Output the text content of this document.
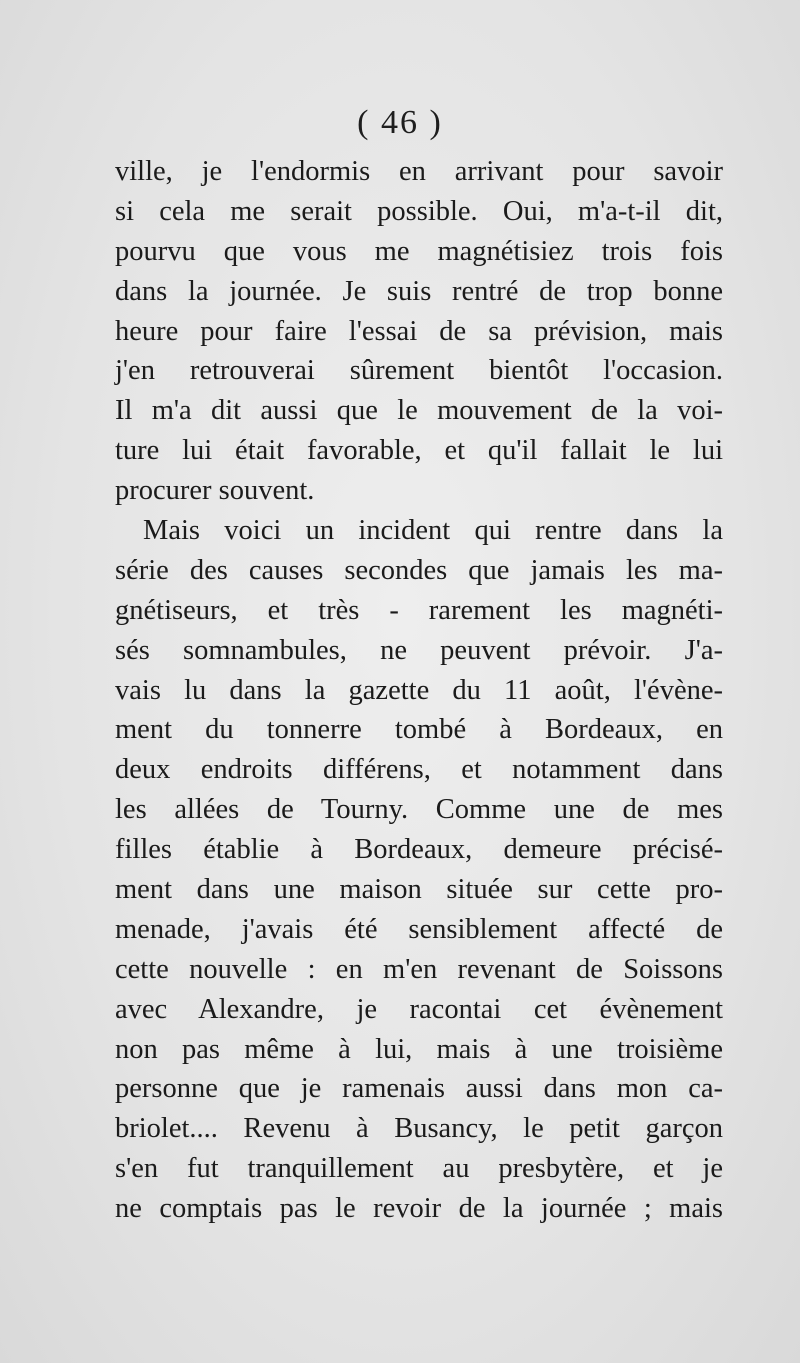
( 46 )
ville, je l'endormis en arrivant pour savoir
si cela me serait possible. Oui, m'a-t-il dit,
pourvu que vous me magnétisiez trois fois
dans la journée. Je suis rentré de trop bonne
heure pour faire l'essai de sa prévision, mais
j'en retrouverai sûrement bientôt l'occasion.
Il m'a dit aussi que le mouvement de la voi-
ture lui était favorable, et qu'il fallait le lui
procurer souvent.
Mais voici un incident qui rentre dans la
série des causes secondes que jamais les ma-
gnétiseurs, et très - rarement les magnéti-
sés somnambules, ne peuvent prévoir. J'a-
vais lu dans la gazette du 11 août, l'évène-
ment du tonnerre tombé à Bordeaux, en
deux endroits différens, et notamment dans
les allées de Tourny. Comme une de mes
filles établie à Bordeaux, demeure précisé-
ment dans une maison située sur cette pro-
menade, j'avais été sensiblement affecté de
cette nouvelle : en m'en revenant de Soissons
avec Alexandre, je racontai cet évènement
non pas même à lui, mais à une troisième
personne que je ramenais aussi dans mon ca-
briolet.... Revenu à Busancy, le petit garçon
s'en fut tranquillement au presbytère, et je
ne comptais pas le revoir de la journée ; mais
